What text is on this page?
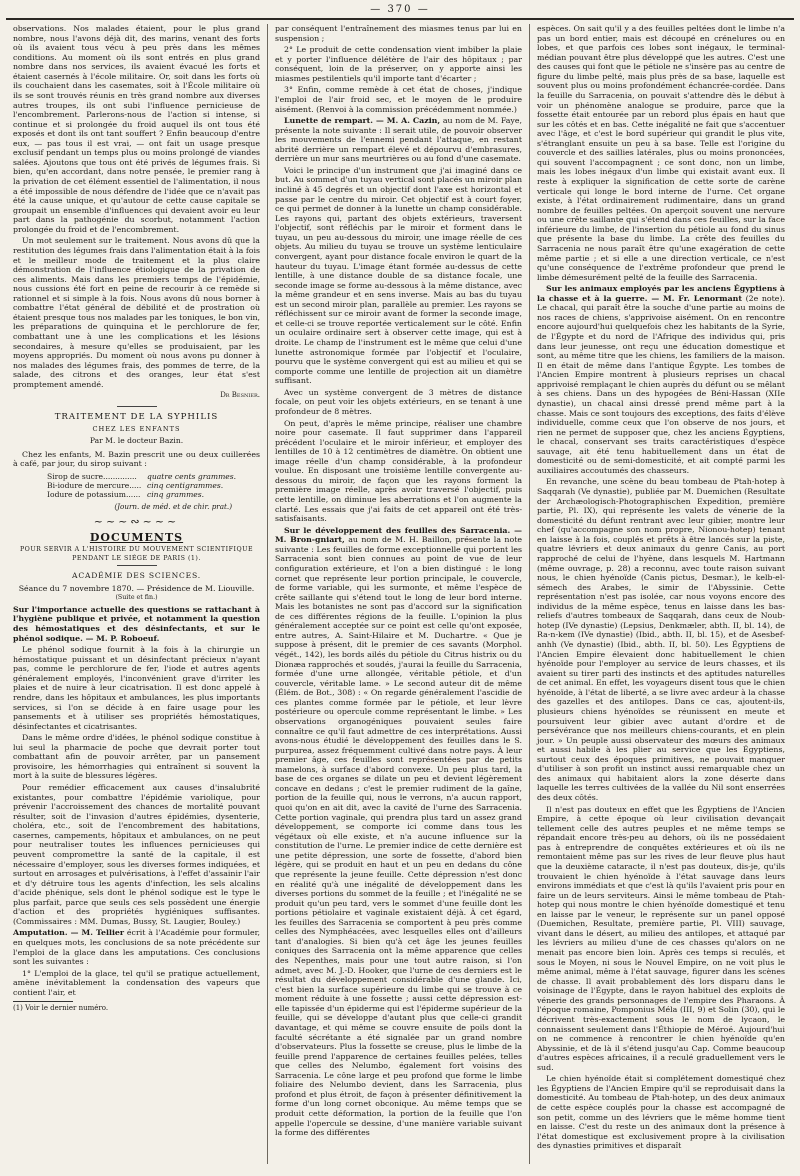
— 370 —

observations. Nos malades étaient, pour le plus grand nombre, nous l'avons déjà dit, des marins, venant des forts où ils avaient tous vécu à peu près dans les mêmes conditions. Au moment où ils sont entrés en plus grand nombre dans nos services, ils avaient évacué les forts et étaient casernés à l'école militaire. Or, soit dans les forts où ils couchaient dans les casemates, soit à l'École militaire où ils se sont trouvés réunis en très grand nombre aux diverses autres troupes, ils ont subi l'influence pernicieuse de l'encombrement. Parlerons-nous de l'action si intense, si continue et si prolongée du froid auquel ils ont tous été exposés et dont ils ont tant souffert ? Enfin beaucoup d'entre eux, — pas tous il est vrai, — ont fait un usage presque exclusif pendant un temps plus ou moins prolongé de viandes salées. Ajoutons que tous ont été privés de légumes frais. Si bien, qu'en accordant, dans notre pensée, le premier rang à la privation de cet élément essentiel de l'alimentation, il nous a été impossible de nous défendre de l'idée que ce n'avait pas été la cause unique, et qu'autour de cette cause capitale se groupait un ensemble d'influences qui devaient avoir eu leur part dans la pathogénie du scorbut, notamment l'action prolongée du froid et de l'encombrement.

Un mot seulement sur le traitement. Nous avons dû que la restitution des légumes frais dans l'alimentation était à la fois et le meilleur mode de traitement et la plus claire démonstration de l'influence étiologique de la privation de ces aliments. Mais dans les premiers temps de l'épidémie, nous cussions été fort en peine de recourir à ce remède si rationnel et si simple à la fois. Nous avons dû nous borner à combattre l'état général de débilité et de prostration où étaient presque tous nos malades par les toniques, le bon vin, les préparations de quinquina et le perchlorure de fer, combattant une à une les complications et les lésions secondaires, à mesure qu'elles se produisaient, par les moyens appropriés. Du moment où nous avons pu donner à nos malades des légumes frais, des pommes de terre, de la salade, des citrons et des oranges, leur état s'est promptement amendé.

Dr Besnier.
TRAITEMENT DE LA SYPHILIS
CHEZ LES ENFANTS
Par M. le docteur Bazin.

Chez les enfants, M. Bazin prescrit une ou deux cuillerées à café, par jour, du sirop suivant :

Sirop de sucre..............	quatre cents grammes.
Bi-iodure de mercure..... cinq centigrammes.
Iodure de potassium...... cinq grammes.
(Journ. de méd. et de chir. prat.)
~~~∾~~~
DOCUMENTS
POUR SERVIR A L'HISTOIRE DU MOUVEMENT SCIENTIFIQUE
PENDANT LE SIÉGE DE PARIS (1).
ACADÉMIE DES SCIENCES.
Séance du 7 novembre 1870. — Présidence de M. Liouville.
(Suite et fin.)

Sur l'importance actuelle des questions se rattachant à l'hygiène publique et privée, et notamment la question des hémostatiques et des désinfectants, et sur le phénol sodique. — M. P. Roboeuf.

Le phénol sodique fournit à la fois à la chirurgie un hémostatique puissant et un désinfectant précieux n'ayant pas, comme le perchlorure de fer, l'iode et autres agents généralement employés, l'inconvénient grave d'irriter les plaies et de nuire à leur cicatrisation. Il est donc appelé à rendre, dans les hôpitaux et ambulances, les plus importants services, si l'on se décide à en faire usage pour les pansements et à utiliser ses propriétés hémostatiques, désinfectantes et cicatrisantes.

Dans le même ordre d'idées, le phénol sodique constitue à lui seul la pharmacie de poche que devrait porter tout combattant afin de pouvoir arrêter, par un pansement provisoire, les hémorrhagies qui entraînent si souvent la mort à la suite de blessures légères.

Pour remédier efficacement aux causes d'insalubrité existantes, pour combattre l'épidémie variolique, pour prévenir l'accroissement des chances de mortalité pouvant résulter, soit de l'invasion d'autres épidémies, dysenterie, choléra, etc., soit de l'encombrement des habitations, casernes, campements, hôpitaux et ambulances, on ne peut pour neutraliser toutes les influences pernicieuses qui peuvent compromettre la santé de la capitale, il est nécessaire d'employer, sous les diverses formes indiquées, et surtout en arrosages et pulvérisations, à l'effet d'assainir l'air et d'y détruire tous les agents d'infection, les sels alcalins d'acide phénique, sels dont le phénol sodique est le type le plus parfait, parce que seuls ces sels possèdent une énergie d'action et des propriétés hygiéniques suffisantes. (Commissaires : MM. Dumas, Bussy, St. Laugier, Bouley.)

Amputation. — M. Tellier écrit à l'Académie pour formuler, en quelques mots, les conclusions de sa note précédente sur l'emploi de la glace dans les amputations. Ces conclusions sont les suivantes :

1° L'emploi de la glace, tel qu'il se pratique actuellement, amène inévitablement la condensation des vapeurs que contient l'air, et

(1) Voir le dernier numéro.

par conséquent l'entraînement des miasmes tenus par lui en suspension ;

2° Le produit de cette condensation vient imbiber la plaie et y porter l'influence délétère de l'air des hôpitaux ; par conséquent, loin de la préserver, on y apporte ainsi les miasmes pestilentiels qu'il importe tant d'écarter ;

3° Enfin, comme remède à cet état de choses, j'indique l'emploi de l'air froid sec, et le moyen de le produire aisément. (Renvoi à la commission précédemment nommée.)

Lunette de rempart. — M. A. Cazin, au nom de M. Faye, présente la note suivante : Il serait utile, de pouvoir observer les mouvements de l'ennemi pendant l'attaque, en restant abrité derrière un rempart élevé et dépourvu d'embrasures, derrière un mur sans meurtrières ou au fond d'une casemate.

Voici le principe d'un instrument que j'ai imaginé dans ce but. Au sommet d'un tuyau vertical sont placés un miroir plan incliné à 45 degrés et un objectif dont l'axe est horizontal et passe par le centre du miroir. Cet objectif est à court foyer, ce qui permet de donner à la lunette un champ considérable. Les rayons qui, partant des objets extérieurs, traversent l'objectif, sont réfléchis par le miroir et forment dans le tuyau, un peu au-dessous du miroir, une image réelle de ces objets. Au milieu du tuyau se trouve un système lenticulaire convergent, ayant pour distance focale environ le quart de la hauteur du tuyau. L'image étant formée au-dessus de cette lentille, à une distance double de sa distance focale, une seconde image se forme au-dessous à la même distance, avec la même grandeur et en sens inverse. Mais au bas du tuyau est un second miroir plan, parallèle au premier. Les rayons se réfléchissent sur ce miroir avant de former la seconde image, et celle-ci se trouve reportée verticalement sur le côté. Enfin un oculaire ordinaire sert à observer cette image, qui est à droite. Le champ de l'instrument est le même que celui d'une lunette astronomique formée par l'objectif et l'oculaire, pourvu que le système convergent qui est au milieu et qui se comporte comme une lentille de projection ait un diamètre suffisant.

Avec un système convergent de 3 mètres de distance focale, on peut voir les objets extérieurs, en se tenant à une profondeur de 8 mètres.

On peut, d'après le même principe, réaliser une chambre noire pour casemate. Il faut supprimer dans l'appareil précédent l'oculaire et le miroir inférieur, et employer des lentilles de 10 à 12 centimètres de diamètre. On obtient une image réelle d'un champ considérable, à la profondeur voulue. En disposant une troisième lentille convergente au-dessous du miroir, de façon que les rayons forment la première image réelle, après avoir traversé l'objectif, puis cette lentille, on diminue les aberrations et l'on augmente la clarté. Les essais que j'ai faits de cet appareil ont été très-satisfaisants.

Sur le développement des feuilles des Sarracenia. — M. Bron-gniart, au nom de M. H. Baillon, présente la note suivante : Les feuilles de forme exceptionnelle qui portent les Sarracenia sont bien connues au point de vue de leur configuration extérieure, et l'on a bien distingué : le long cornet que représente leur portion principale, le couvercle, de forme variable, qui les surmonte, et même l'espèce de crête saillante qui s'étend tout le long de leur bord interne. Mais les botanistes ne sont pas d'accord sur la signification de ces différentes régions de la feuille. L'opinion la plus généralement acceptée sur ce point est celle qu'ont exposée, entre autres, A. Saint-Hilaire et M. Duchartre. « Que je suppose à présent, dit le premier de ces savants (Morphol. végét., 142), les bords ailés du pétiole du Citrus histrix ou du Dionæa rapprochés et soudés, j'aurai la feuille du Sarracenia, formée d'une urne allongée, véritable pétiole, et d'un couvercle, véritable lame. » Le second auteur dit de même (Élém. de Bot., 308) : « On regarde généralement l'ascidie de ces plantes comme formée par le pétiole, et leur lèvre postérieure ou opercule comme représentant le limbe. » Les observations organogéniques pouvaient seules faire connaître ce qu'il faut admettre de ces interprétations. Aussi avons-nous étudié le développement des feuilles dans le S. purpurea, assez fréquemment cultivé dans notre pays. À leur premier âge, ces feuilles sont représentées par de petits mamelons, à surface d'abord convexe. Un peu plus tard, la base de ces organes se dilate un peu et devient légèrement concave en dedans ; c'est le premier rudiment de la gaîne, portion de la feuille qui, nous le verrons, n'a aucun rapport, quoi qu'on en ait dit, avec la cavité de l'urne des Sarracenia. Cette portion vaginale, qui prendra plus tard un assez grand développement, se comporte ici comme dans tous les végétaux où elle existe, et n'a aucune influence sur la constitution de l'urne. Le premier indice de cette dernière est une petite dépression, une sorte de fossette, d'abord bien légère, qui se produit en haut et un peu en dedans du cône que représente la jeune feuille. Cette dépression n'est donc en réalité qu'à une inégalité de développement dans les diverses portions du sommet de la feuille ; et l'inégalité ne se produit qu'un peu tard, vers le sommet d'une feuille dont les portions pétiolaire et vaginale existaient déjà. À cet égard, les feuilles des Sarracenia se comportent à peu près comme celles des Nymphéacées, avec lesquelles elles ont d'ailleurs tant d'analogies. Si bien qu'à cet âge les jeunes feuilles coniques des Sarracenia ont la même apparence que celles des Nepenthes, mais pour une tout autre raison, si l'on admet, avec M. J.-D. Hooker, que l'urne de ces derniers est le résultat du développement considérable d'une glande. Ici, c'est bien la surface supérieure du limbe qui se trouve à ce moment réduite à une fossette ; aussi cette dépression est-elle tapissée d'un épiderme qui est l'épiderme supérieur de la feuille, qui se développe d'autant plus que celle-ci grandit davantage, et qui même se couvre ensuite de poils dont la faculté sécrétante a été signalée par un grand nombre d'observateurs. Plus la fossette se creuse, plus le limbe de la feuille prend l'apparence de certaines feuilles pelées, telles que celles des Nelumbo, également fort voisins des Sarracenia. Le cône large et peu profond que forme le limbe foliaire des Nelumbo devient, dans les Sarracenia, plus profond et plus étroit, de façon à présenter définitivement la forme d'un long cornet obconique. Au même temps que se produit cette déformation, la portion de la feuille que l'on appelle l'opercule se dessine, d'une manière variable suivant la forme des différentes

espèces. On sait qu'il y a des feuilles peltées dont le limbe n'a pas un bord entier, mais est découpé en crénelures ou en lobes, et que parfois ces lobes sont inégaux, le terminal-médian pouvant être plus développé que les autres. C'est une des causes qui font que le pétiole ne s'insère pas au centre de figure du limbe pelté, mais plus près de sa base, laquelle est souvent plus ou moins profondément échancrée-cordée. Dans la feuille du Sarracenia, on pouvait s'attendre dès le début à voir un phénomène analogue se produire, parce que la fossette était entourée par un rebord plus épais en haut que sur les côtés et en bas. Cette inégalité ne fait que s'accentuer avec l'âge, et c'est le bord supérieur qui grandit le plus vite, s'étranglant ensuite un peu à sa base. Telle est l'origine du couvercle et des saillies latérales, plus ou moins prononcées, qui souvent l'accompagnent ; ce sont donc, non un limbe, mais les lobes inégaux d'un limbe qui existait avant eux. Il reste à expliquer la signification de cette sorte de carène verticale qui longe le bord interne de l'urne. Cet organe existe, à l'état ordinairement rudimentaire, dans un grand nombre de feuilles peltées. On aperçoit souvent une nervure ou une crête saillante qui s'étend dans ces feuilles, sur la face inférieure du limbe, de l'insertion du pétiole au fond du sinus que présente la base du limbe. La crête des feuilles du Sarracenia ne nous paraît être qu'une exagération de cette même partie ; et si elle a une direction verticale, ce n'est qu'une conséquence de l'extrême profondeur que prend le limbe démesurément pelté de la feuille des Sarracenia.

Sur les animaux employés par les anciens Égyptiens à la chasse et à la guerre. — M. Fr. Lenormant (2e note). Le chacal, qui paraît être la souche d'une partie au moins de nos races de chiens, s'apprivoise aisément. On en rencontre encore aujourd'hui quelquefois chez les habitants de la Syrie, de l'Égypte et du nord de l'Afrique des individus qui, pris dans leur jeunesse, ont reçu une éducation domestique et sont, au même titre que les chiens, les familiers de la maison. Il en était de même dans l'antique Égypte. Les tombes de l'Ancien Empire montrent à plusieurs reprises un chacal apprivoisé remplaçant le chien auprès du défunt ou se mêlant à ses chiens. Dans un des hypogées de Béni-Hassan (XIIe dynastie), un chacal ainsi dressé prend même part à la chasse. Mais ce sont toujours des exceptions, des faits d'élève individuelle, comme ceux que l'on observe de nos jours, et rien ne permet de supposer que, chez les anciens Égyptiens, le chacal, conservant ses traits caractéristiques d'espèce sauvage, ait été tenu habituellement dans un état de domesticité ou de semi-domesticité, et ait compté parmi les auxiliaires accoutumés des chasseurs.

En revanche, une scène du beau tombeau de Ptah-hotep à Saqqarah (Ve dynastie), publiée par M. Duemichen (Resultate der Archæologisch-Photographischen Expedition, première partie, Pl. IX), qui représente les valets de vénerie de la domesticité du défunt rentrant avec leur gibier, montre leur chef (qu'accompagne son nom propre, Nionou-hotep) tenant en laisse à la fois, couplés et prêts à être lancés sur la piste, quatre lévriers et deux animaux du genre Canis, au port rapproché de celui de l'hyène, dans lesquels M. Hartmann (même ouvrage, p. 28) a reconnu, avec toute raison suivant nous, le chien hyénoïde (Canis pictus, Desmar.), le kelb-el-sémech des Arabes, le simir de l'Abyssinie. Cette représentation n'est pas isolée, car nous voyons encore des individus de la même espèce, tenus en laisse dans les bas-reliefs d'autres tombeaux de Saqqarah, dans ceux de Noub-hotep (IVe dynastie) (Lepsius, Denkmæler, abth. II, bl. 14), de Ra-n-kem (IVe dynastie) (Ibid., abth. II, bl. 15), et de Asesbef-anhh (Ve dynastie) (Ibid., abth. II, bl. 50). Les Égyptiens de l'Ancien Empire élevaient donc habituellement le chien hyénoïde pour l'employer au service de leurs chasses, et ils avaient su tirer parti des instincts et des aptitudes naturelles de cet animal. En effet, les voyageurs disent tous que le chien hyénoïde, à l'état de liberté, a se livre avec ardeur à la chasse des gazelles et des antilopes. Dans ce cas, ajoutent-ils, plusieurs chiens hyénoïdes se réunissent en meute et poursuivent leur gibier avec autant d'ordre et de persévérance que nos meilleurs chiens-courants, et en plein jour. » Un peuple aussi observateur des mœurs des animaux et aussi habile à les plier au service que les Égyptiens, surtout ceux des époques primitives, ne pouvait manquer d'utiliser à son profit un instinct aussi remarquable chez un des animaux qui habitaient alors la zone déserte dans laquelle les terres cultivées de la vallée du Nil sont enserrées des deux côtés.

Il n'est pas douteux en effet que les Égyptiens de l'Ancien Empire, à cette époque où leur civilisation devançait tellement celle des autres peuples et ne même temps se répandait encore très-peu au dehors, où ils ne possédaient pas à entreprendre de conquêtes extérieures et où ils ne remontaient même pas sur les rives de leur fleuve plus haut que la deuxième cataracte, il n'est pas douteux, dis-je, qu'ils trouvaient le chien hyénoïde à l'état sauvage dans leurs environs immédiats et que c'est là qu'ils l'avaient pris pour en faire un de leurs serviteurs. Ainsi le même tombeau de Ptah-hotep qui nous montre le chien hyénoïde domestiqué et tenu en laisse par le veneur, le représente sur un panel opposé (Duemichen, Resultate, première partie, Pl. VIII) sauvage, vivant dans le désert, au milieu des antilopes, et attaqué par les lévriers au milieu d'une de ces chasses qu'alors on ne menait pas encore bien loin. Après ces temps si reculés, et sous le Moyen, ni sous le Nouvel Empire, on ne voit plus le même animal, même à l'état sauvage, figurer dans les scènes de chasse. Il avait probablement dès lors disparu dans le voisinage de l'Égypte, dans le rayon habituel des exploits de vénerie des grands personnages de l'empire des Pharaons. À l'époque romaine, Pomponius Méla (III, 9) et Solin (30), qui le décrivent très-exactement sous le nom de lycaon, le connaissent seulement dans l'Éthiopie de Méroé. Aujourd'hui on ne commence à rencontrer le chien hyénoïde qu'en Abyssinie, et de là il s'étend jusqu'au Cap. Comme beaucoup d'autres espèces africaines, il a reculé graduellement vers le sud.

Le chien hyénoïde était si complétement domestiqué chez les Égyptiens de l'Ancien Empire qu'il se reproduisait dans la domesticité. Au tombeau de Ptah-hotep, un des deux animaux de cette espèce couplés pour la chasse est accompagné de son petit, comme un des lévriers que le même homme tient en laisse. C'est du reste un des animaux dont la présence à l'état domestique est exclusivement propre à la civilisation des dynasties primitives et disparaît
